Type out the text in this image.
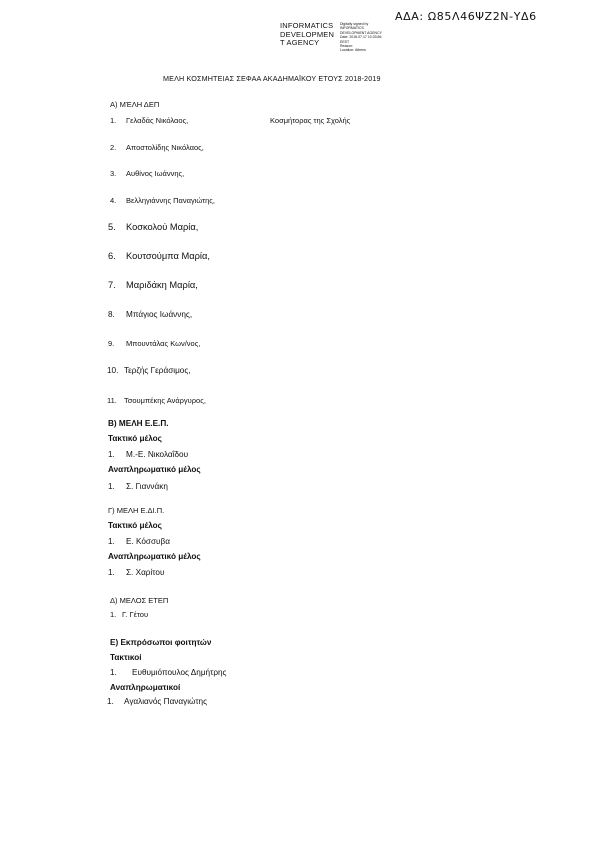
ΑΔΑ: Ω85Λ46ΨΖ2Ν-ΥΔ6
INFORMATICS
DEVELOPMEN
T AGENCY
Digitally signed by
INFORMATICS
DEVELOPMENT AGENCY
Date: 2018.07.17 10:33:56
EEST
Reason:
Location: Athens
ΜΕΛΗ ΚΟΣΜΗΤΕΙΑΣ ΣΕΦΑΑ ΑΚΑΔΗΜΑΪΚΟΥ ΕΤΟΥΣ 2018-2019
Α) ΜΈΛΗ ΔΕΠ
1. Γελαδάς Νικόλαος,	Κοσμήτορας της Σχολής
2. Αποστολίδης Νικόλαος,
3. Αυθίνος Ιωάννης,
4. Βελληγιάννης Παναγιώτης,
5. Κοσκολού Μαρία,
6. Κουτσούμπα Μαρία,
7. Μαριδάκη Μαρία,
8. Μπάγιος Ιωάννης,
9. Μπουντάλας Κων/νος,
10. Τερζής Γεράσιμος,
11. Τσουμπέκης Ανάργυρος,
Β) ΜΕΛΗ Ε.Ε.Π.
Τακτικό μέλος
1. Μ.-Ε. Νικολαΐδου
Αναπληρωματικό μέλος
1. Σ. Γιαννάκη
Γ) ΜΕΛΗ Ε.ΔΙ.Π.
Τακτικό μέλος
1. Ε. Κόσσυβα
Αναπληρωματικό μέλος
1. Σ. Χαρίτου
Δ) ΜΕΛΟΣ ΕΤΕΠ
1. Γ. Γέτου
Ε) Εκπρόσωποι φοιτητών
Τακτικοί
1. Ευθυμιόπουλος Δημήτρης
Αναπληρωματικοί
1. Αγαλιανός Παναγιώτης
